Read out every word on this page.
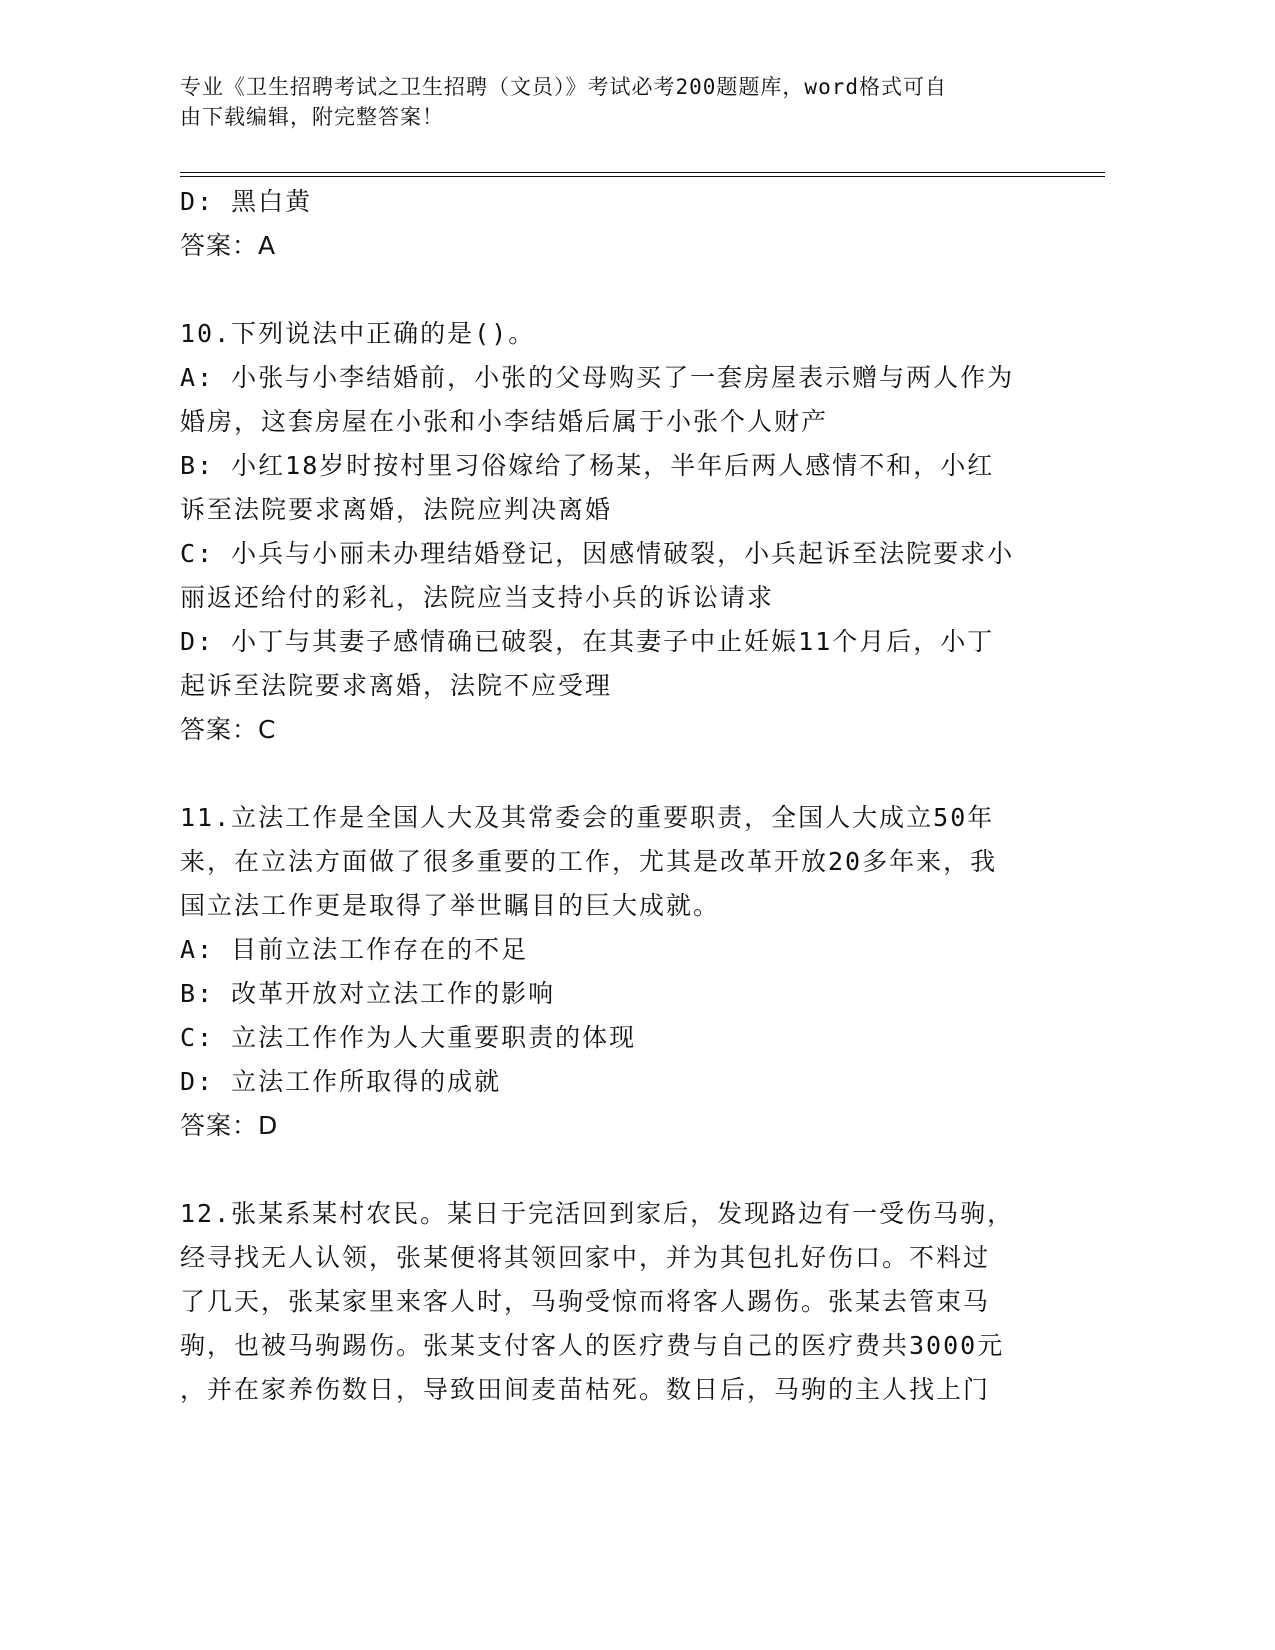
专业《卫生招聘考试之卫生招聘（文员）》考试必考200题题库，word格式可自
由下载编辑，附完整答案！
D: 黑白黄
答案：A
10.下列说法中正确的是()。
A: 小张与小李结婚前，小张的父母购买了一套房屋表示赠与两人作为
婚房，这套房屋在小张和小李结婚后属于小张个人财产
B: 小红18岁时按村里习俗嫁给了杨某，半年后两人感情不和，小红
诉至法院要求离婚，法院应判决离婚
C: 小兵与小丽未办理结婚登记，因感情破裂，小兵起诉至法院要求小
丽返还给付的彩礼，法院应当支持小兵的诉讼请求
D: 小丁与其妻子感情确已破裂，在其妻子中止妊娠11个月后，小丁
起诉至法院要求离婚，法院不应受理
答案：C
11.立法工作是全国人大及其常委会的重要职责，全国人大成立50年
来，在立法方面做了很多重要的工作，尤其是改革开放20多年来，我
国立法工作更是取得了举世瞩目的巨大成就。
A: 目前立法工作存在的不足
B: 改革开放对立法工作的影响
C: 立法工作作为人大重要职责的体现
D: 立法工作所取得的成就
答案：D
12.张某系某村农民。某日于完活回到家后，发现路边有一受伤马驹，
经寻找无人认领，张某便将其领回家中，并为其包扎好伤口。不料过
了几天，张某家里来客人时，马驹受惊而将客人踢伤。张某去管束马
驹，也被马驹踢伤。张某支付客人的医疗费与自己的医疗费共3000元
，并在家养伤数日，导致田间麦苗枯死。数日后，马驹的主人找上门
